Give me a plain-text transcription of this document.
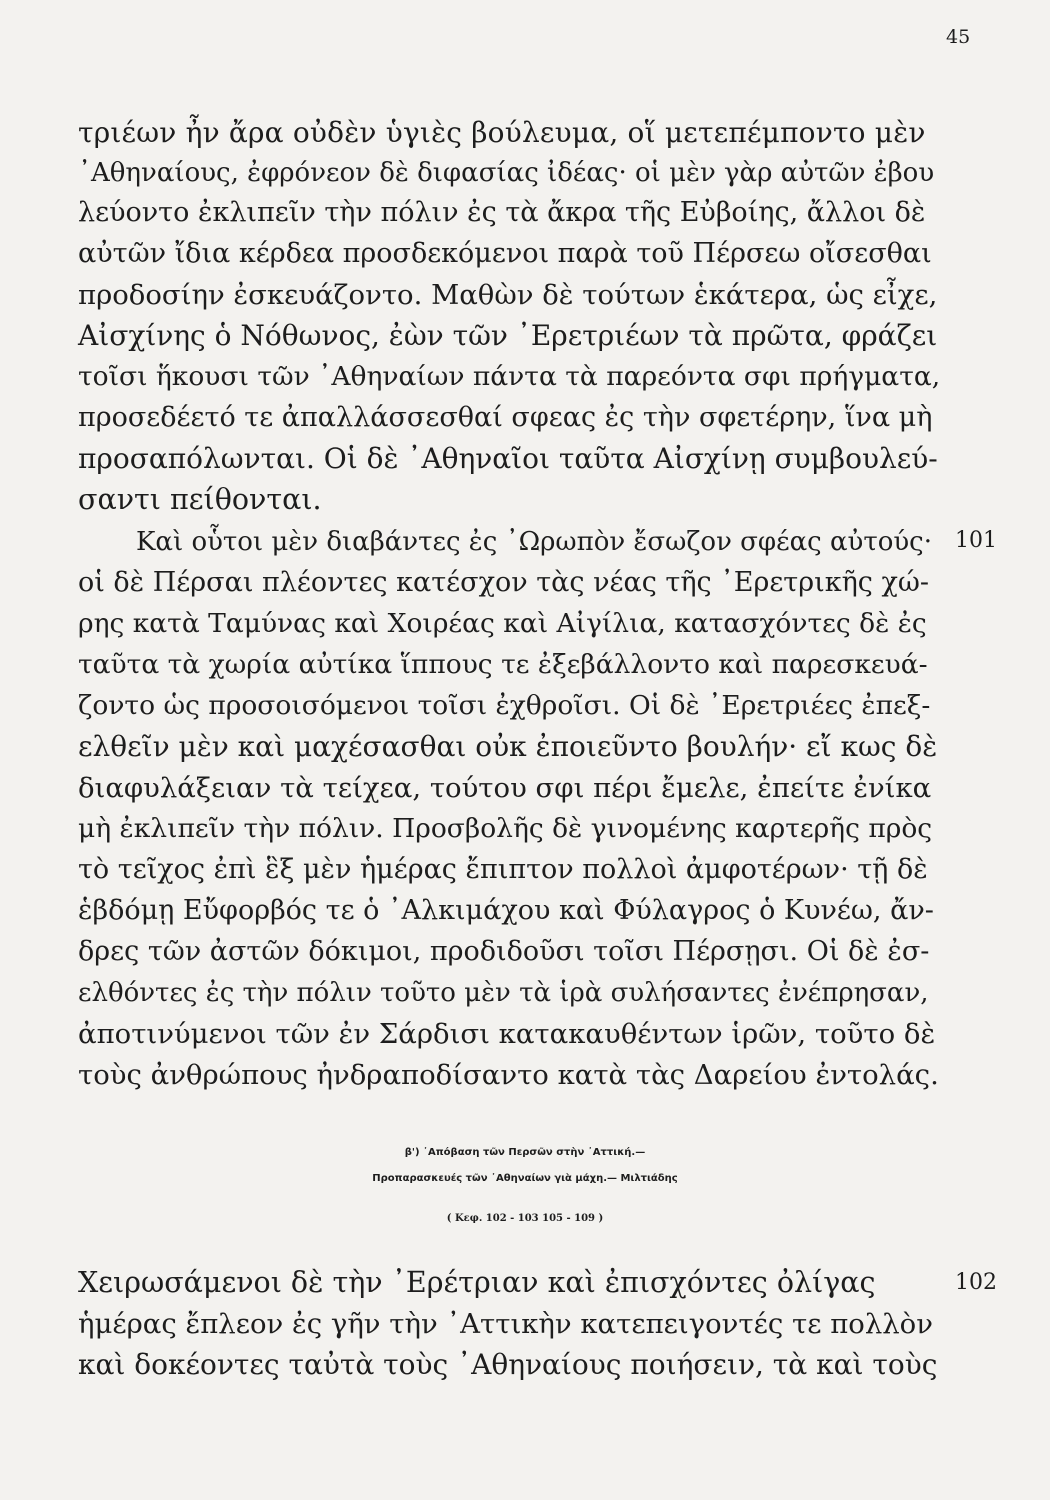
45
τριέων ἦν ἄρα οὐδὲν ὑγιὲς βούλευμα, οἵ μετεπέμποντο μὲν
᾿Αθηναίους, ἐφρόνεον δὲ διφασίας ἰδέας· οἱ μὲν γὰρ αὐτῶν ἐβου
λεύοντο ἐκλιπεῖν τὴν πόλιν ἐς τὰ ἄκρα τῆς Εὐβοίης, ἄλλοι δὲ
αὐτῶν ἴδια κέρδεα προσδεκόμενοι παρὰ τοῦ Πέρσεω οἴσεσθαι
προδοσίην ἐσκευάζοντο. Μαθὼν δὲ τούτων ἑκάτερα, ὡς εἶχε,
Αἰσχίνης ὁ Νόθωνος, ἐὼν τῶν ᾿Ερετριέων τὰ πρῶτα, φράζει
τοῖσι ἥκουσι τῶν ᾿Αθηναίων πάντα τὰ παρεόντα σφι πρήγματα,
προσεδέετό τε ἀπαλλάσσεσθαί σφεας ἐς τὴν σφετέρην, ἵνα μὴ
προσαπόλωνται. Οἱ δὲ ᾿Αθηναῖοι ταῦτα Αἰσχίνῃ συμβουλεύ-
σαντι πείθονται.
Καὶ οὗτοι μὲν διαβάντες ἐς ᾿Ωρωπὸν ἔσωζον σφέας αὐτούς· 101
οἱ δὲ Πέρσαι πλέοντες κατέσχον τὰς νέας τῆς ᾿Ερετρικῆς χώ-
ρης κατὰ Ταμύνας καὶ Χοιρέας καὶ Αἰγίλια, κατασχόντες δὲ ἐς
ταῦτα τὰ χωρία αὐτίκα ἵππους τε ἐξεβάλλοντο καὶ παρεσκευά-
ζοντο ὡς προσοισόμενοι τοῖσι ἐχθροῖσι. Οἱ δὲ ᾿Ερετριέες ἐπεξ-
ελθεῖν μὲν καὶ μαχέσασθαι οὐκ ἐποιεῦντο βουλήν· εἴ κως δὲ
διαφυλάξειαν τὰ τείχεα, τούτου σφι πέρι ἔμελε, ἐπείτε ἐνίκα
μὴ ἐκλιπεῖν τὴν πόλιν. Προσβολῆς δὲ γινομένης καρτερῆς πρὸς
τὸ τεῖχος ἐπὶ ἓξ μὲν ἡμέρας ἔπιπτον πολλοὶ ἀμφοτέρων· τῇ δὲ
ἑβδόμῃ Εὔφορβός τε ὁ ᾿Αλκιμάχου καὶ Φύλαγρος ὁ Κυνέω, ἄν-
δρες τῶν ἀστῶν δόκιμοι, προδιδοῦσι τοῖσι Πέρσῃσι. Οἱ δὲ ἐσ-
ελθόντες ἐς τὴν πόλιν τοῦτο μὲν τὰ ἱρὰ συλήσαντες ἐνέπρησαν,
ἀποτινύμενοι τῶν ἐν Σάρδισι κατακαυθέντων ἱρῶν, τοῦτο δὲ
τοὺς ἀνθρώπους ἠνδραποδίσαντο κατὰ τὰς Δαρείου ἐντολάς.
β') ᾿Απόβαση τῶν Περσῶν στὴν ᾿Αττική.—
Προπαρασκευές τῶν ᾿Αθηναίων γιὰ μάχη.— Μιλτιάδης
( Κεφ. 102 - 103 105 - 109 )
Χειρωσάμενοι δὲ τὴν ᾿Ερέτριαν καὶ ἐπισχόντες ὀλίγας	102
ἡμέρας ἔπλεον ἐς γῆν τὴν ᾿Αττικὴν κατεπειγοντές τε πολλὸν
καὶ δοκέοντες ταὐτὰ τοὺς ᾿Αθηναίους ποιήσειν, τὰ καὶ τοὺς
